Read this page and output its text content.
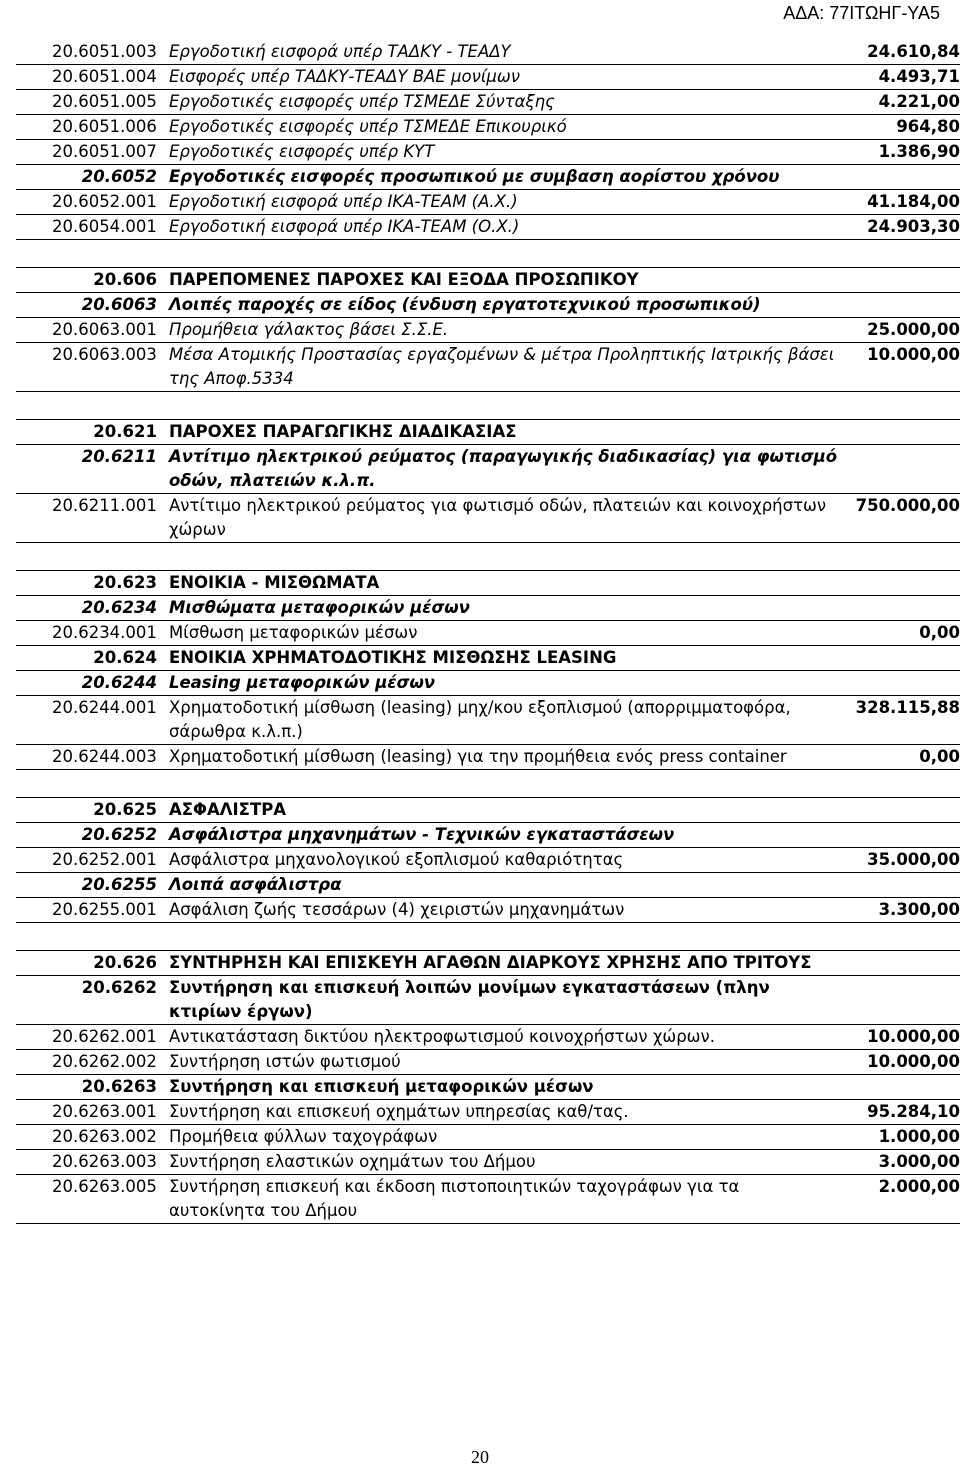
ΑΔΑ: 77ΙΤΩΗΓ-ΥΑ5
20.6051.003	Εργοδοτική εισφορά υπέρ ΤΑΔΚΥ - ΤΕΑΔΥ	24.610,84
20.6051.004	Εισφορές υπέρ ΤΑΔΚΥ-ΤΕΑΔΥ ΒΑΕ μονίμων	4.493,71
20.6051.005	Εργοδοτικές εισφορές υπέρ ΤΣΜΕΔΕ Σύνταξης	4.221,00
20.6051.006	Εργοδοτικές εισφορές υπέρ ΤΣΜΕΔΕ Επικουρικό	964,80
20.6051.007	Εργοδοτικές εισφορές υπέρ ΚΥΤ	1.386,90
20.6052	Εργοδοτικές εισφορές προσωπικού με συμβαση αορίστου χρόνου	
20.6052.001	Εργοδοτική εισφορά υπέρ ΙΚΑ-ΤΕΑΜ (Α.Χ.)	41.184,00
20.6054.001	Εργοδοτική εισφορά υπέρ ΙΚΑ-ΤΕΑΜ (Ο.Χ.)	24.903,30

20.606	ΠΑΡΕΠΟΜΕΝΕΣ ΠΑΡΟΧΕΣ ΚΑΙ ΕΞΟΔΑ ΠΡΟΣΩΠΙΚΟΥ	
20.6063	Λοιπές παροχές σε είδος (ένδυση εργατοτεχνικού προσωπικού)	
20.6063.001	Προμήθεια γάλακτος βάσει Σ.Σ.Ε.	25.000,00
20.6063.003	Μέσα Ατομικής Προστασίας εργαζομένων & μέτρα Προληπτικής Ιατρικής βάσει της Αποφ.5334	10.000,00

20.621	ΠΑΡΟΧΕΣ ΠΑΡΑΓΩΓΙΚΗΣ ΔΙΑΔΙΚΑΣΙΑΣ	
20.6211	Αντίτιμο ηλεκτρικού ρεύματος (παραγωγικής διαδικασίας) για φωτισμό οδών, πλατειών κ.λ.π.	
20.6211.001	Αντίτιμο ηλεκτρικού ρεύματος για φωτισμό οδών, πλατειών και κοινοχρήστων χώρων	750.000,00

20.623	ΕΝΟΙΚΙΑ - ΜΙΣΘΩΜΑΤΑ	
20.6234	Μισθώματα μεταφορικών μέσων	
20.6234.001	Μίσθωση μεταφορικών μέσων	0,00
20.624	ΕΝΟΙΚΙΑ ΧΡΗΜΑΤΟΔΟΤΙΚΗΣ ΜΙΣΘΩΣΗΣ LEASING	
20.6244	Leasing μεταφορικών μέσων	
20.6244.001	Χρηματοδοτική μίσθωση (leasing) μηχ/κου εξοπλισμού (απορριμματοφόρα, σάρωθρα κ.λ.π.)	328.115,88
20.6244.003	Χρηματοδοτική μίσθωση (leasing) για την προμήθεια ενός press container	0,00

20.625	ΑΣΦΑΛΙΣΤΡΑ	
20.6252	Ασφάλιστρα μηχανημάτων - Τεχνικών εγκαταστάσεων	
20.6252.001	Ασφάλιστρα μηχανολογικού εξοπλισμού καθαριότητας	35.000,00
20.6255	Λοιπά ασφάλιστρα	
20.6255.001	Ασφάλιση ζωής τεσσάρων (4) χειριστών μηχανημάτων	3.300,00

20.626	ΣΥΝΤΗΡΗΣΗ ΚΑΙ ΕΠΙΣΚΕΥΗ ΑΓΑΘΩΝ ΔΙΑΡΚΟΥΣ ΧΡΗΣΗΣ ΑΠΟ ΤΡΙΤΟΥΣ	
20.6262	Συντήρηση και επισκευή λοιπών μονίμων εγκαταστάσεων (πλην κτιρίων έργων)	
20.6262.001	Αντικατάσταση δικτύου ηλεκτροφωτισμού κοινοχρήστων χώρων.	10.000,00
20.6262.002	Συντήρηση ιστών φωτισμού	10.000,00
20.6263	Συντήρηση και επισκευή μεταφορικών μέσων	
20.6263.001	Συντήρηση και επισκευή οχημάτων υπηρεσίας καθ/τας.	95.284,10
20.6263.002	Προμήθεια φύλλων ταχογράφων	1.000,00
20.6263.003	Συντήρηση ελαστικών οχημάτων του Δήμου	3.000,00
20.6263.005	Συντήρηση επισκευή και έκδοση πιστοποιητικών ταχογράφων για τα αυτοκίνητα του Δήμου	2.000,00
20
